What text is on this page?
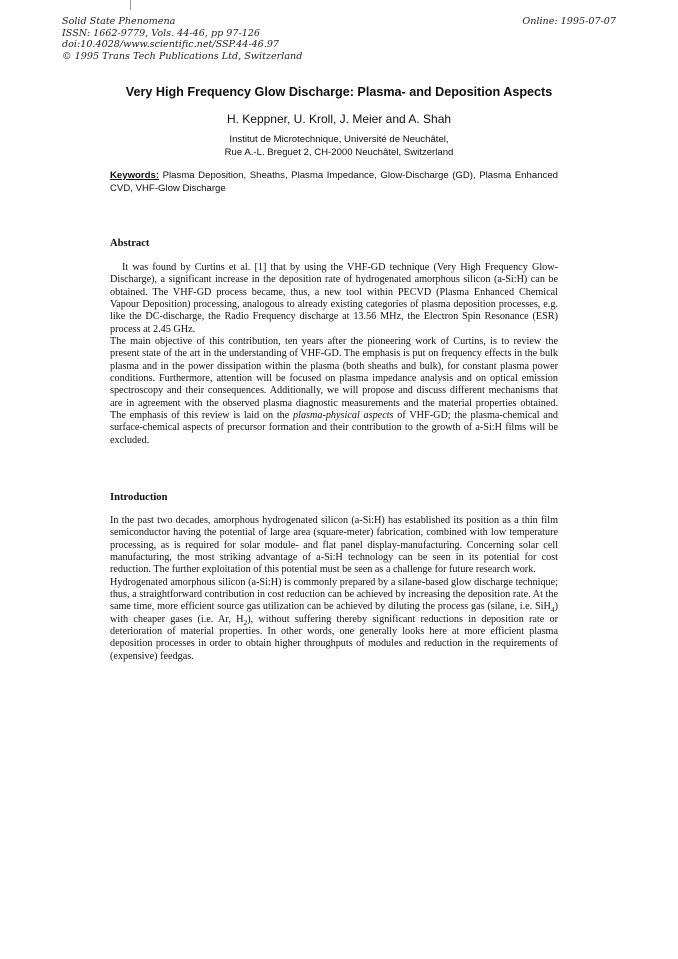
Solid State Phenomena
ISSN: 1662-9779, Vols. 44-46, pp 97-126
doi:10.4028/www.scientific.net/SSP.44-46.97
© 1995 Trans Tech Publications Ltd, Switzerland
Online: 1995-07-07
Very High Frequency Glow Discharge: Plasma- and Deposition Aspects
H. Keppner, U. Kroll, J. Meier and A. Shah
Institut de Microtechnique, Université de Neuchâtel,
Rue A.-L. Breguet 2, CH-2000 Neuchâtel, Switzerland
Keywords: Plasma Deposition, Sheaths, Plasma Impedance, Glow-Discharge (GD), Plasma Enhanced CVD, VHF-Glow Discharge
Abstract

It was found by Curtins et al. [1] that by using the VHF-GD technique (Very High Frequency Glow-Discharge), a significant increase in the deposition rate of hydrogenated amorphous silicon (a-Si:H) can be obtained. The VHF-GD process became, thus, a new tool within PECVD (Plasma Enhanced Chemical Vapour Deposition) processing, analogous to already existing categories of plasma deposition processes, e.g. like the DC-discharge, the Radio Frequency discharge at 13.56 MHz, the Electron Spin Resonance (ESR) process at 2.45 GHz.

The main objective of this contribution, ten years after the pioneering work of Curtins, is to review the present state of the art in the understanding of VHF-GD. The emphasis is put on frequency effects in the bulk plasma and in the power dissipation within the plasma (both sheaths and bulk), for constant plasma power conditions. Furthermore, attention will be focused on plasma impedance analysis and on optical emission spectroscopy and their consequences. Additionally, we will propose and discuss different mechanisms that are in agreement with the observed plasma diagnostic measurements and the material properties obtained. The emphasis of this review is laid on the plasma-physical aspects of VHF-GD; the plasma-chemical and surface-chemical aspects of precursor formation and their contribution to the growth of a-Si:H films will be excluded.

Introduction

In the past two decades, amorphous hydrogenated silicon (a-Si:H) has established its position as a thin film semiconductor having the potential of large area (square-meter) fabrication, combined with low temperature processing, as is required for solar module- and flat panel display-manufacturing. Concerning solar cell manufacturing, the most striking advantage of a-Si:H technology can be seen in its potential for cost reduction. The further exploitation of this potential must be seen as a challenge for future research work.

Hydrogenated amorphous silicon (a-Si:H) is commonly prepared by a silane-based glow discharge technique; thus, a straightforward contribution in cost reduction can be achieved by increasing the deposition rate. At the same time, more efficient source gas utilization can be achieved by diluting the process gas (silane, i.e. SiH$_4$) with cheaper gases (i.e. Ar, $H_2$), without suffering thereby significant reductions in deposition rate or deterioration of material properties. In other words, one generally looks here at more efficient plasma deposition processes in order to obtain higher throughputs of modules and reduction in the requirements of (expensive) feedgas.
